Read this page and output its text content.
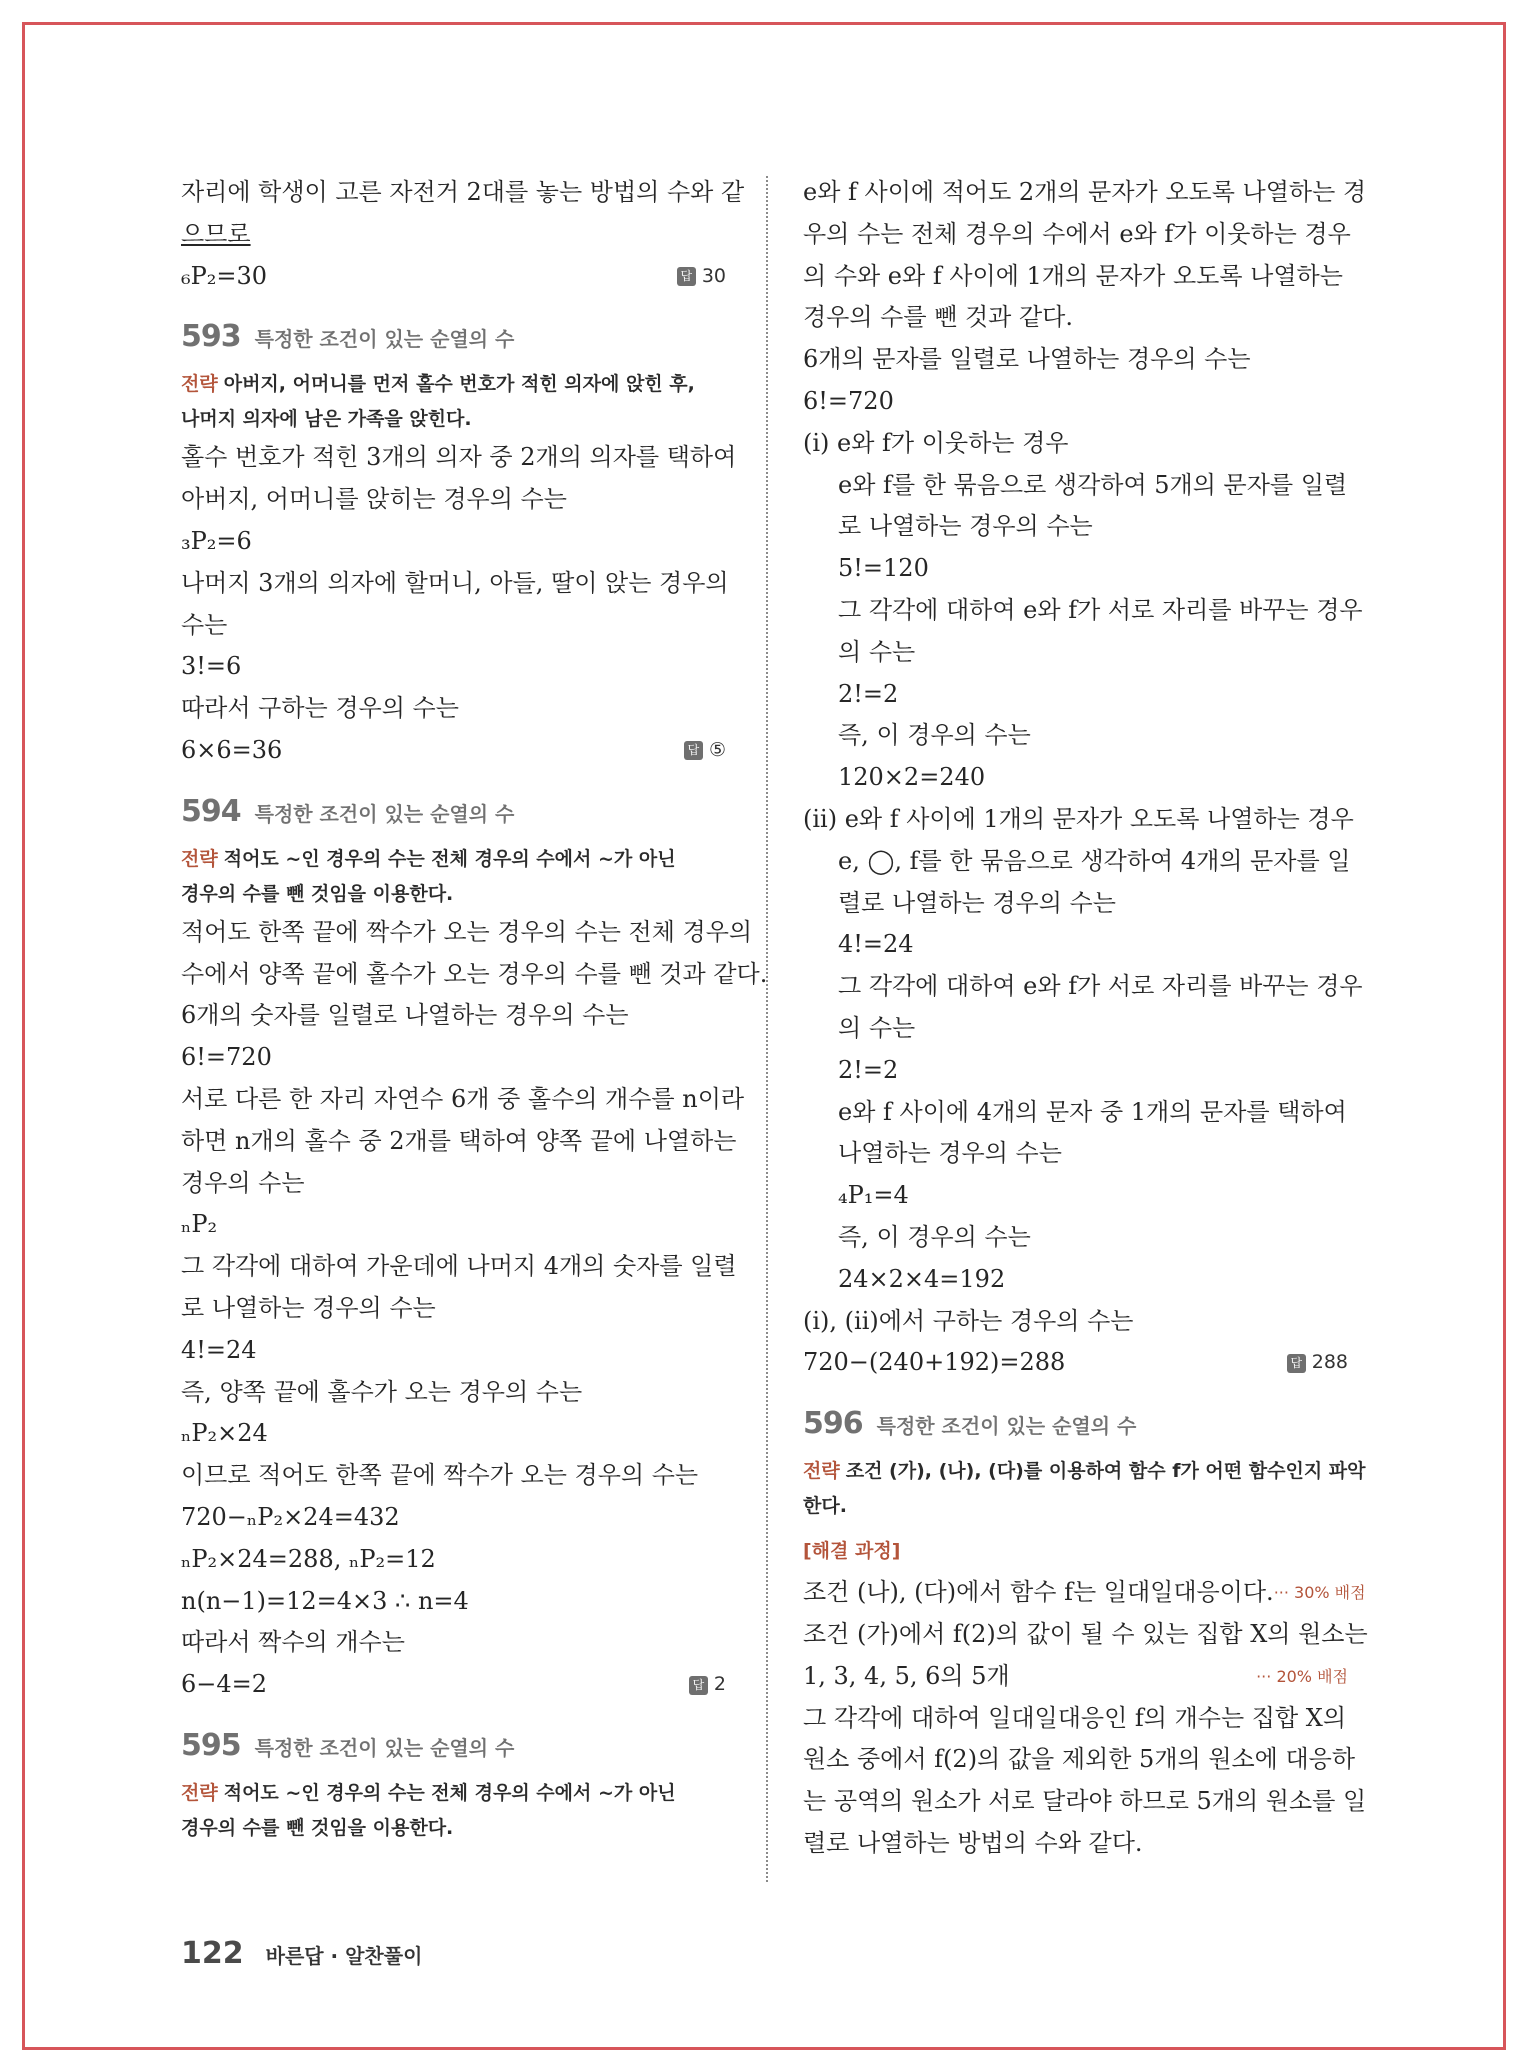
자리에 학생이 고른 자전거 2대를 놓는 방법의 수와 같
으므로
₆P₂=30	답 30
593 특정한 조건이 있는 순열의 수
전략 아버지, 어머니를 먼저 홀수 번호가 적힌 의자에 앉힌 후,
나머지 의자에 남은 가족을 앉힌다.
홀수 번호가 적힌 3개의 의자 중 2개의 의자를 택하여
아버지, 어머니를 앉히는 경우의 수는
₃P₂=6
나머지 3개의 의자에 할머니, 아들, 딸이 앉는 경우의
수는
3!=6
따라서 구하는 경우의 수는
6×6=36	답 ⑤
594 특정한 조건이 있는 순열의 수
전략 적어도 ~인 경우의 수는 전체 경우의 수에서 ~가 아닌
경우의 수를 뺀 것임을 이용한다.
적어도 한쪽 끝에 짝수가 오는 경우의 수는 전체 경우의
수에서 양쪽 끝에 홀수가 오는 경우의 수를 뺀 것과 같다.
6개의 숫자를 일렬로 나열하는 경우의 수는
6!=720
서로 다른 한 자리 자연수 6개 중 홀수의 개수를 n이라
하면 n개의 홀수 중 2개를 택하여 양쪽 끝에 나열하는
경우의 수는
ₙP₂
그 각각에 대하여 가운데에 나머지 4개의 숫자를 일렬
로 나열하는 경우의 수는
4!=24
즉, 양쪽 끝에 홀수가 오는 경우의 수는
ₙP₂×24
이므로 적어도 한쪽 끝에 짝수가 오는 경우의 수는
720−ₙP₂×24=432
ₙP₂×24=288, ₙP₂=12
n(n−1)=12=4×3 ∴ n=4
따라서 짝수의 개수는
6−4=2	답 2
595 특정한 조건이 있는 순열의 수
전략 적어도 ~인 경우의 수는 전체 경우의 수에서 ~가 아닌
경우의 수를 뺀 것임을 이용한다.
e와 f 사이에 적어도 2개의 문자가 오도록 나열하는 경
우의 수는 전체 경우의 수에서 e와 f가 이웃하는 경우
의 수와 e와 f 사이에 1개의 문자가 오도록 나열하는
경우의 수를 뺀 것과 같다.
6개의 문자를 일렬로 나열하는 경우의 수는
6!=720
(i) e와 f가 이웃하는 경우
e와 f를 한 묶음으로 생각하여 5개의 문자를 일렬
로 나열하는 경우의 수는
5!=120
그 각각에 대하여 e와 f가 서로 자리를 바꾸는 경우
의 수는
2!=2
즉, 이 경우의 수는
120×2=240
(ii) e와 f 사이에 1개의 문자가 오도록 나열하는 경우
e, ◯, f를 한 묶음으로 생각하여 4개의 문자를 일
렬로 나열하는 경우의 수는
4!=24
그 각각에 대하여 e와 f가 서로 자리를 바꾸는 경우
의 수는
2!=2
e와 f 사이에 4개의 문자 중 1개의 문자를 택하여
나열하는 경우의 수는
₄P₁=4
즉, 이 경우의 수는
24×2×4=192
(i), (ii)에서 구하는 경우의 수는
720−(240+192)=288	답 288
596 특정한 조건이 있는 순열의 수
전략 조건 (가), (나), (다)를 이용하여 함수 f가 어떤 함수인지 파악
한다.
[해결 과정]
조건 (나), (다)에서 함수 f는 일대일대응이다. ··· 30% 배점
조건 (가)에서 f(2)의 값이 될 수 있는 집합 X의 원소는
1, 3, 4, 5, 6의 5개	··· 20% 배점
그 각각에 대하여 일대일대응인 f의 개수는 집합 X의
원소 중에서 f(2)의 값을 제외한 5개의 원소에 대응하
는 공역의 원소가 서로 달라야 하므로 5개의 원소를 일
렬로 나열하는 방법의 수와 같다.
122 바른답 · 알찬풀이
